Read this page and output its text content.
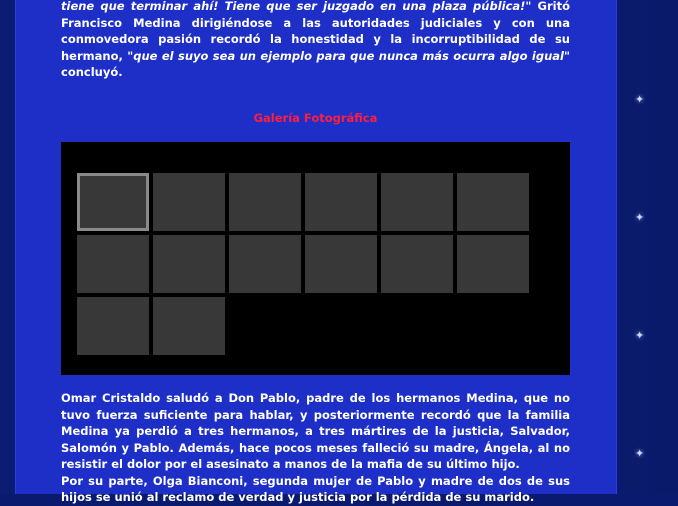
✦
✦
✦
✦

tiene que terminar ahí! Tiene que ser juzgado en una plaza pública!" Gritó Francisco Medina dirigiéndose a las autoridades judiciales y con una conmovedora pasión recordó la honestidad y la incorruptibilidad de su hermano, "que el suyo sea un ejemplo para que nunca más ocurra algo igual" concluyó.

Galería Fotográfica

Omar Cristaldo saludó a Don Pablo, padre de los hermanos Medina, que no tuvo fuerza suficiente para hablar, y posteriormente recordó que la familia Medina ya perdió a tres hermanos, a tres mártires de la justicia, Salvador, Salomón y Pablo. Además, hace pocos meses falleció su madre, Ángela, al no resistir el dolor por el asesinato a manos de la mafia de su último hijo.

Por su parte, Olga Bianconi, segunda mujer de Pablo y madre de dos de sus hijos se unió al reclamo de verdad y justicia por la pérdida de su marido.
